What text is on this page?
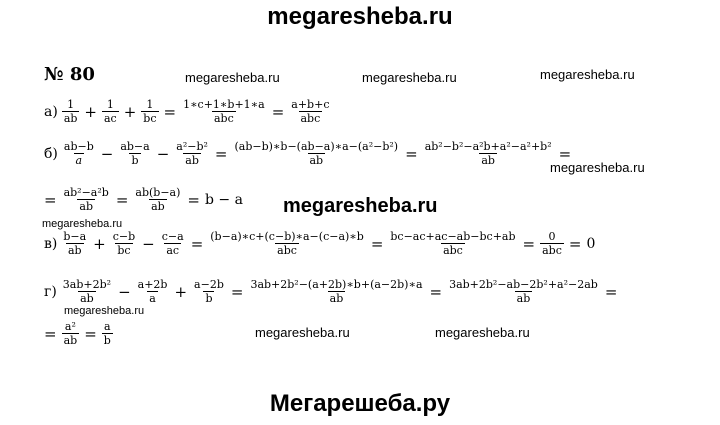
megaresheba.ru
№ 80	megaresheba.ru	megaresheba.ru	megaresheba.ru
megaresheba.ru
megaresheba.ru
megaresheba.ru
megaresheba.ru	megaresheba.ru
megaresheba.ru
$а) \frac{1}{ab} + \frac{1}{ac} + \frac{1}{bc} = \frac{1∗c+1∗b+1∗a}{\text{abc}} = \frac{a+b+c}{\text{abc}}$
$б) \frac{ab-b}{a} - \frac{ab-a}{b} - \frac{\text{a²−b²}}{ab} = \frac{\text{(ab−b)∗b−(ab−a)∗a−(a²−b²)}}{ab} = \frac{\text{ab²−b²−a²b+a²−a²+b²}}{ab}$ =
= $\frac{\text{ab²−a²b}}{ab} = \frac{ab(b-a)}{ab} = b - a$
$в) \frac{b-a}{ab} + \frac{c-b}{bc} - \frac{c-a}{ac} = \frac{(b-a)∗c+(c-b)∗a-(c-a)∗b}{\text{abc}} = \frac{bc-ac+ac-ab-bc+ab}{\text{abc}} = \frac{0}{\text{abc}} = 0$
$г) \frac{\text{3ab+2b²}}{ab} - \frac{a+2b}{a} + \frac{a-2b}{b} = \frac{\text{3ab+2b²−(a+2b)∗b+(a−2b)∗a}}{ab} = \frac{\text{3ab+2b²−ab−2b²+a²−2ab}}{ab}$ =
= $\frac{\text{a²}}{ab} = \frac{a}{b}$
Мегарешеба.ру
